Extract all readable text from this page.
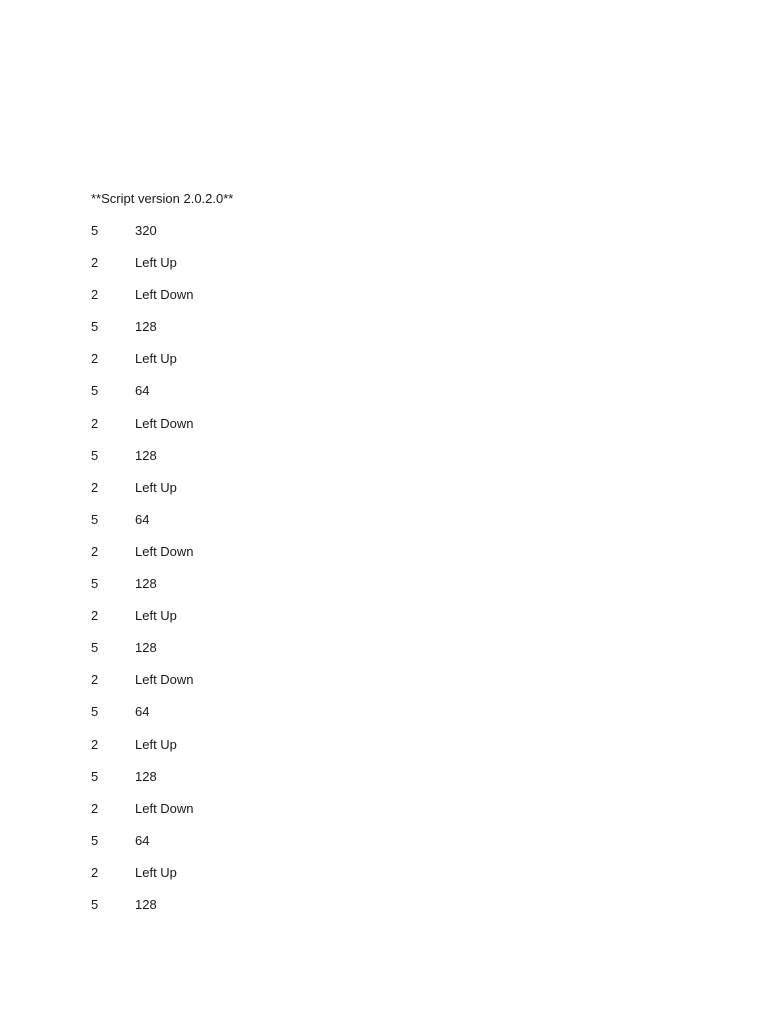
**Script version 2.0.2.0**
5	320
2	Left Up
2	Left Down
5	128
2	Left Up
5	64
2	Left Down
5	128
2	Left Up
5	64
2	Left Down
5	128
2	Left Up
5	128
2	Left Down
5	64
2	Left Up
5	128
2	Left Down
5	64
2	Left Up
5	128
